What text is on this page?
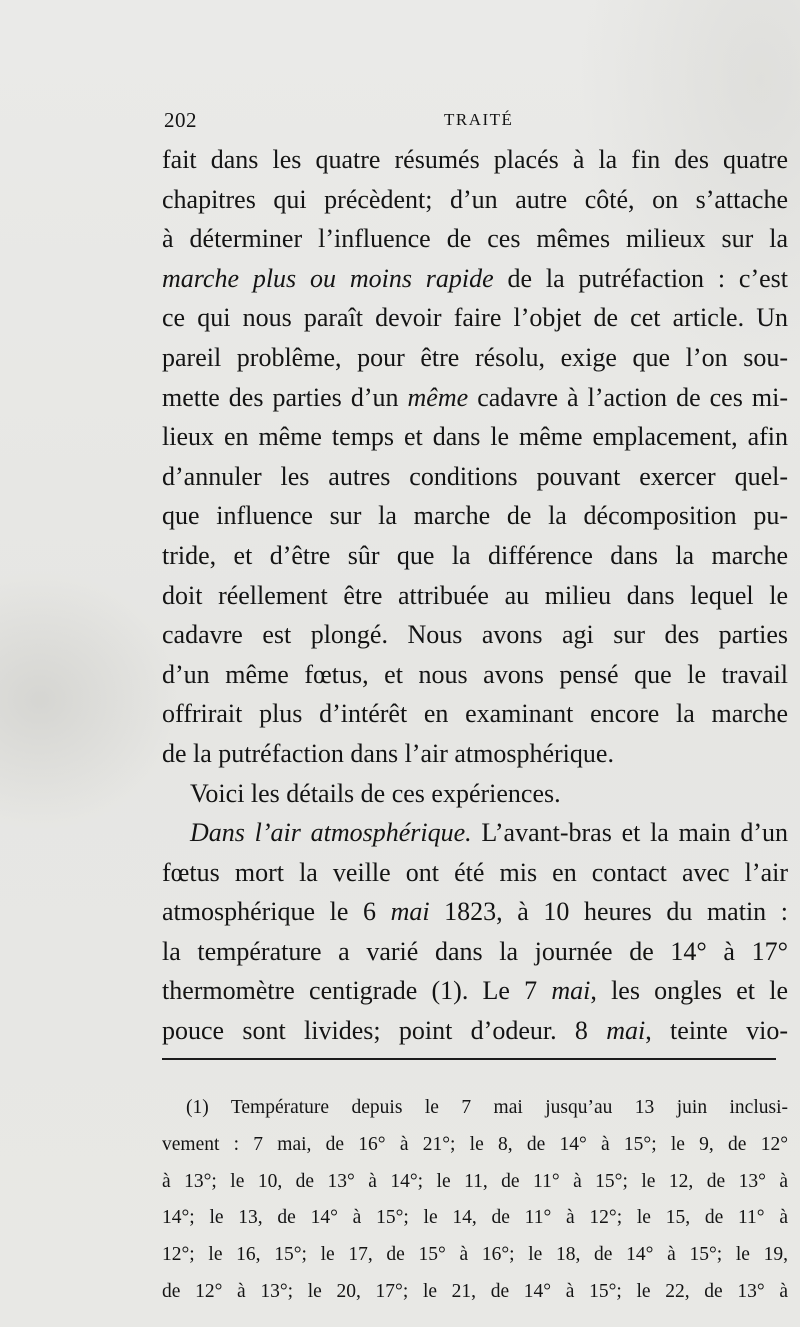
202	TRAITÉ
fait dans les quatre résumés placés à la fin des quatre
chapitres qui précèdent; d’un autre côté, on s’attache
à déterminer l’influence de ces mêmes milieux sur la
marche plus ou moins rapide de la putréfaction : c’est
ce qui nous paraît devoir faire l’objet de cet article. Un
pareil problême, pour être résolu, exige que l’on sou-
mette des parties d’un même cadavre à l’action de ces mi-
lieux en même temps et dans le même emplacement, afin
d’annuler les autres conditions pouvant exercer quel-
que influence sur la marche de la décomposition pu-
tride, et d’être sûr que la différence dans la marche
doit réellement être attribuée au milieu dans lequel le
cadavre est plongé. Nous avons agi sur des parties
d’un même fœtus, et nous avons pensé que le travail
offrirait plus d’intérêt en examinant encore la marche
de la putréfaction dans l’air atmosphérique.
Voici les détails de ces expériences.
Dans l’air atmosphérique. L’avant-bras et la main d’un
fœtus mort la veille ont été mis en contact avec l’air
atmosphérique le 6 mai 1823, à 10 heures du matin :
la température a varié dans la journée de 14° à 17°
thermomètre centigrade (1). Le 7 mai, les ongles et le
pouce sont livides; point d’odeur. 8 mai, teinte vio-
(1) Température depuis le 7 mai jusqu’au 13 juin inclusi-
vement : 7 mai, de 16° à 21°; le 8, de 14° à 15°; le 9, de 12°
à 13°; le 10, de 13° à 14°; le 11, de 11° à 15°; le 12, de 13° à
14°; le 13, de 14° à 15°; le 14, de 11° à 12°; le 15, de 11° à
12°; le 16, 15°; le 17, de 15° à 16°; le 18, de 14° à 15°; le 19,
de 12° à 13°; le 20, 17°; le 21, de 14° à 15°; le 22, de 13° à
